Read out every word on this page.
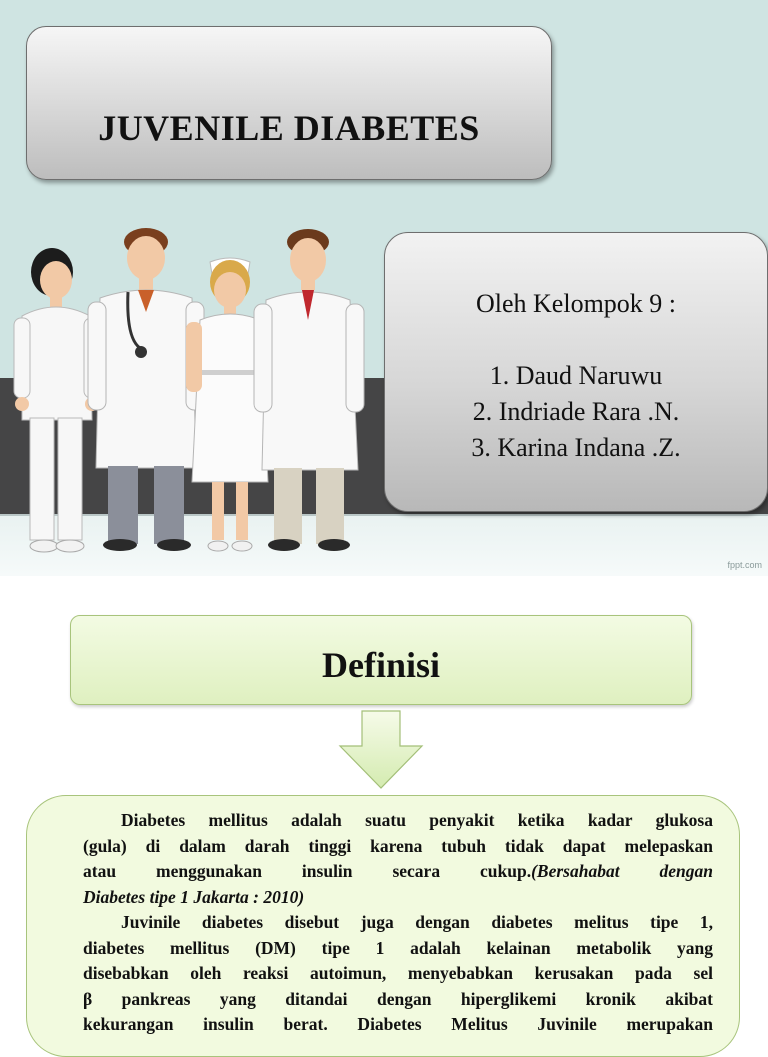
JUVENILE DIABETES
Oleh Kelompok 9 :
1. Daud Naruwu
2. Indriade Rara .N.
3. Karina Indana .Z.
fppt.com
Definisi
Diabetes mellitus adalah suatu penyakit ketika kadar glukosa
(gula) di dalam darah tinggi karena tubuh tidak dapat melepaskan
atau menggunakan insulin secara cukup.(Bersahabat dengan
Diabetes tipe 1 Jakarta : 2010)
Juvinile diabetes disebut juga dengan diabetes melitus tipe 1,
diabetes mellitus (DM) tipe 1 adalah kelainan metabolik yang
disebabkan oleh reaksi autoimun, menyebabkan kerusakan pada sel
β pankreas yang ditandai dengan hiperglikemi kronik akibat
kekurangan insulin berat. Diabetes Melitus Juvinile merupakan
